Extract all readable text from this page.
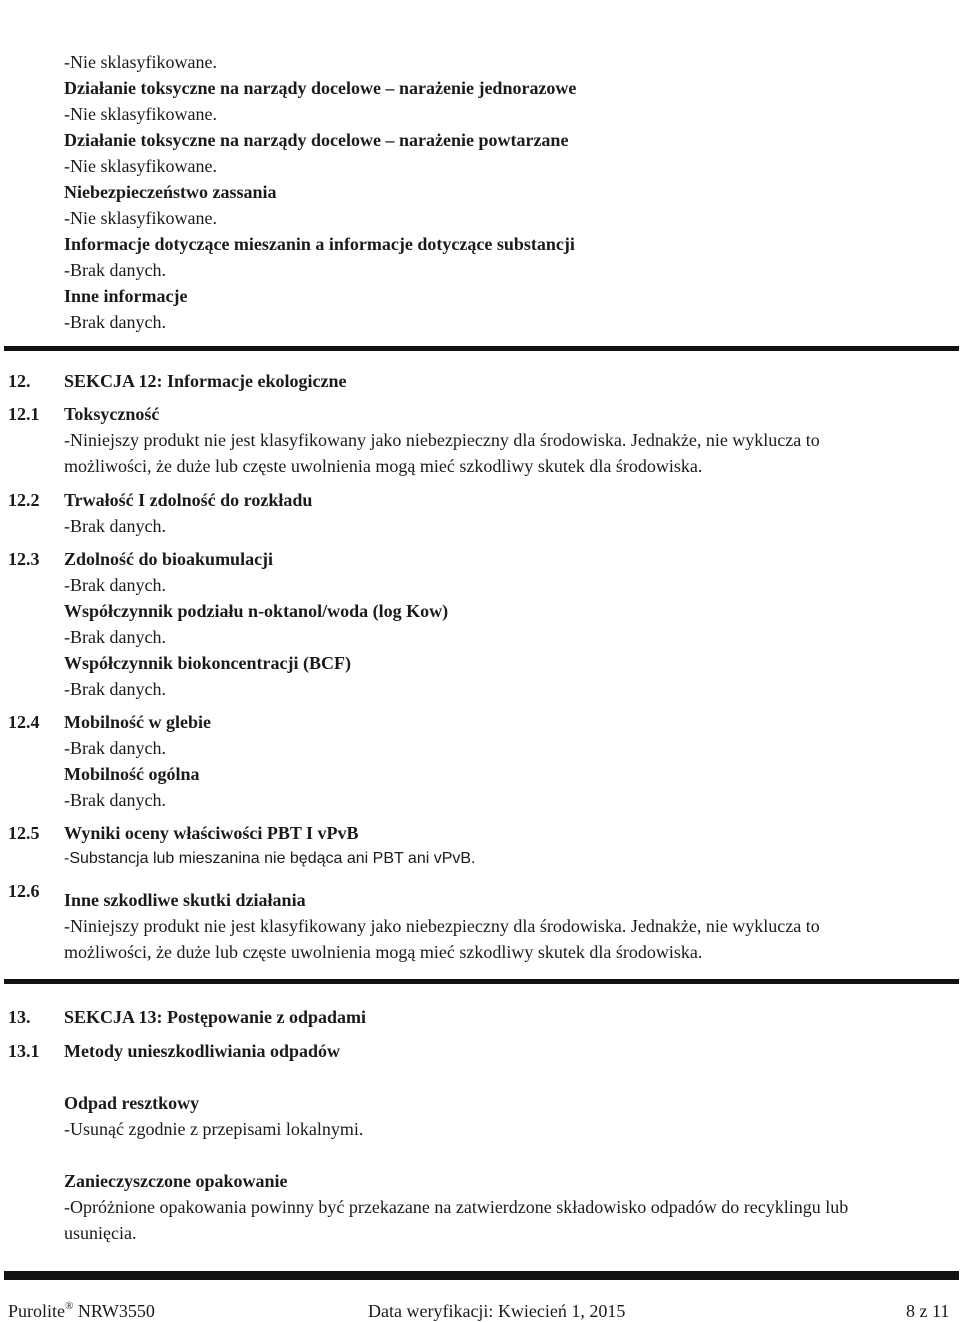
-Nie sklasyfikowane.
Działanie toksyczne na narządy docelowe – narażenie jednorazowe
-Nie sklasyfikowane.
Działanie toksyczne na narządy docelowe – narażenie powtarzane
-Nie sklasyfikowane.
Niebezpieczeństwo zassania
-Nie sklasyfikowane.
Informacje dotyczące mieszanin a informacje dotyczące substancji
-Brak danych.
Inne informacje
-Brak danych.
12. SEKCJA 12: Informacje ekologiczne
12.1 Toksyczność
-Niniejszy produkt nie jest klasyfikowany jako niebezpieczny dla środowiska. Jednakże, nie wyklucza to
możliwości, że duże lub częste uwolnienia mogą mieć szkodliwy skutek dla środowiska.
12.2 Trwałość I zdolność do rozkładu
-Brak danych.
12.3 Zdolność do bioakumulacji
-Brak danych.
Współczynnik podziału n-oktanol/woda (log Kow)
-Brak danych.
Współczynnik biokoncentracji (BCF)
-Brak danych.
12.4 Mobilność w glebie
-Brak danych.
Mobilność ogólna
-Brak danych.
12.5 Wyniki oceny właściwości PBT I vPvB
-Substancja lub mieszanina nie będąca ani PBT ani vPvB.
12.6 Inne szkodliwe skutki działania
-Niniejszy produkt nie jest klasyfikowany jako niebezpieczny dla środowiska. Jednakże, nie wyklucza to
możliwości, że duże lub częste uwolnienia mogą mieć szkodliwy skutek dla środowiska.
13. SEKCJA 13: Postępowanie z odpadami
13.1 Metody unieszkodliwiania odpadów
Odpad resztkowy
-Usunąć zgodnie z przepisami lokalnymi.
Zanieczyszczone opakowanie
-Opróżnione opakowania powinny być przekazane na zatwierdzone składowisko odpadów do recyklingu lub
usunięcia.
Purolite® NRW3550	Data weryfikacji: Kwiecień 1, 2015	8 z 11
